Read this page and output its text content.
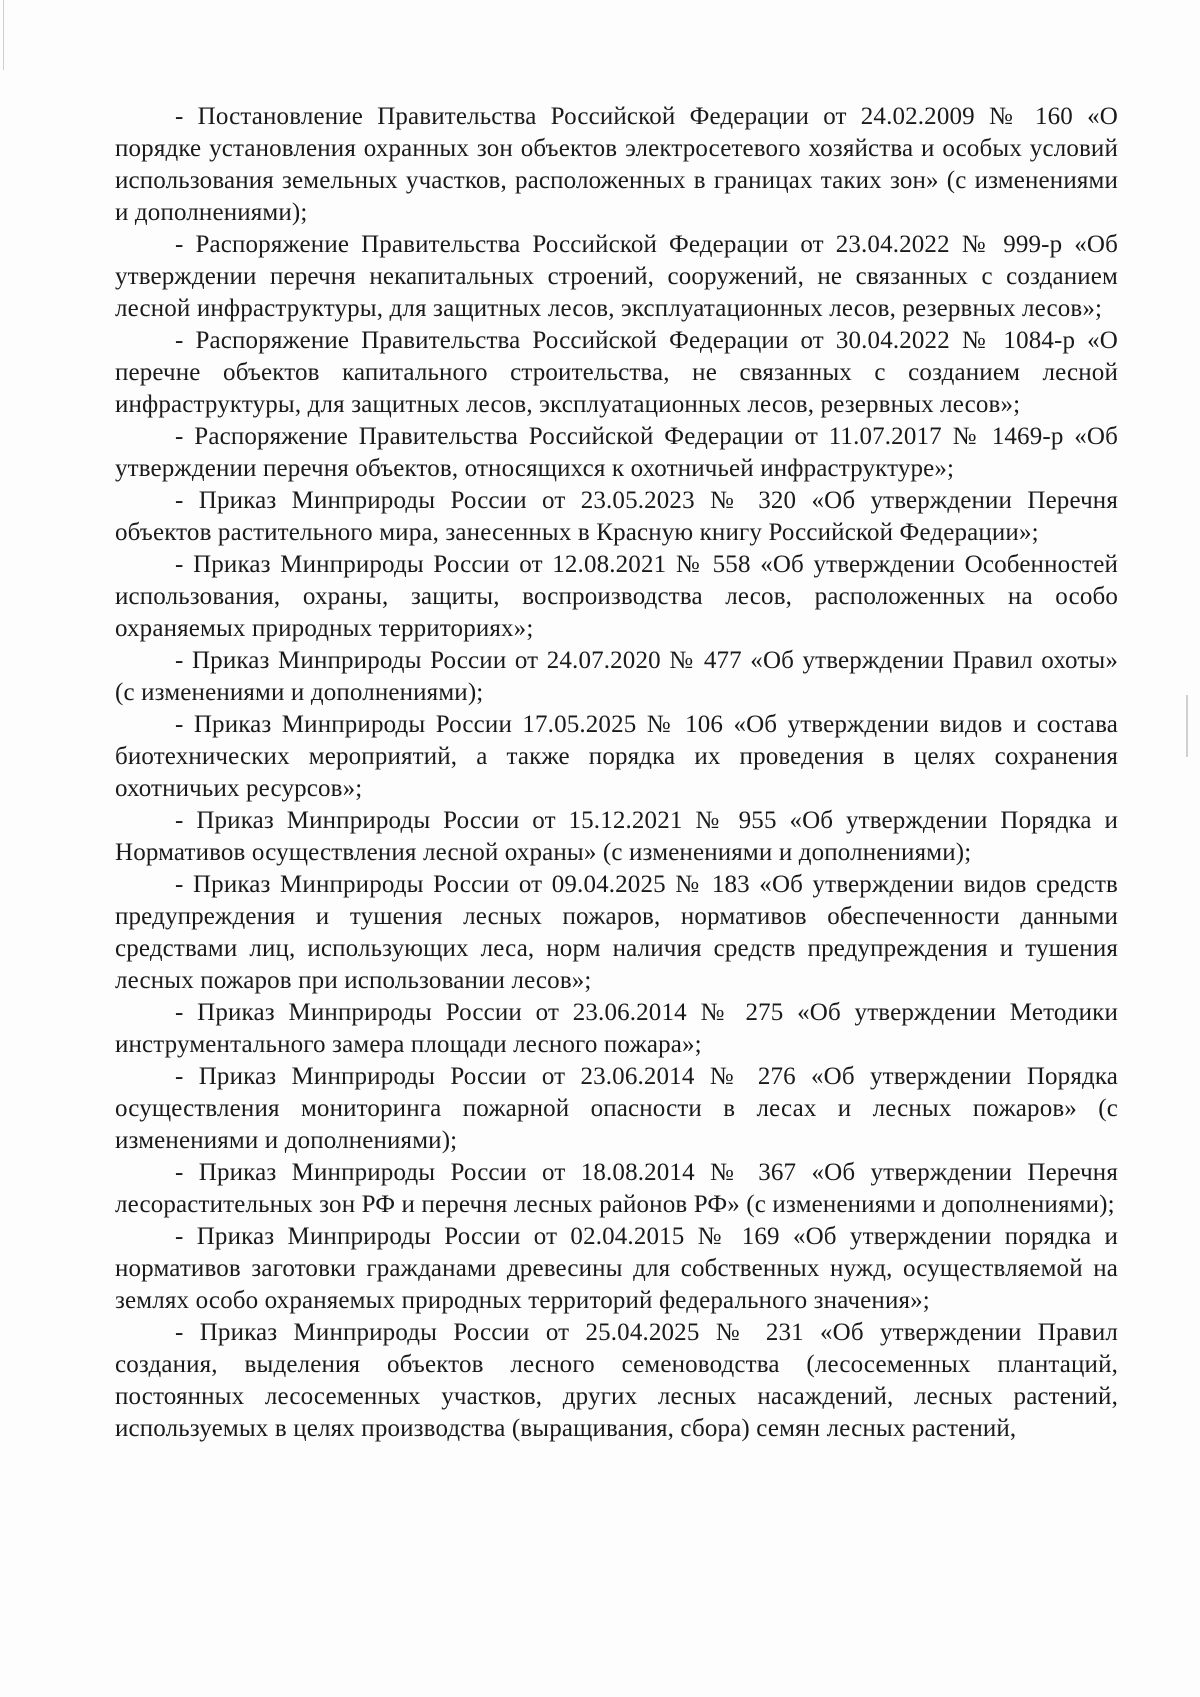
- Постановление Правительства Российской Федерации от 24.02.2009 № 160 «О порядке установления охранных зон объектов электросетевого хозяйства и особых условий использования земельных участков, расположенных в границах таких зон» (с изменениями и дополнениями);

- Распоряжение Правительства Российской Федерации от 23.04.2022 № 999-р «Об утверждении перечня некапитальных строений, сооружений, не связанных с созданием лесной инфраструктуры, для защитных лесов, эксплуатационных лесов, резервных лесов»;

- Распоряжение Правительства Российской Федерации от 30.04.2022 № 1084-р «О перечне объектов капитального строительства, не связанных с созданием лесной инфраструктуры, для защитных лесов, эксплуатационных лесов, резервных лесов»;

- Распоряжение Правительства Российской Федерации от 11.07.2017 № 1469-р «Об утверждении перечня объектов, относящихся к охотничьей инфраструктуре»;

- Приказ Минприроды России от 23.05.2023 № 320 «Об утверждении Перечня объектов растительного мира, занесенных в Красную книгу Российской Федерации»;

- Приказ Минприроды России от 12.08.2021 № 558 «Об утверждении Особенностей использования, охраны, защиты, воспроизводства лесов, расположенных на особо охраняемых природных территориях»;

- Приказ Минприроды России от 24.07.2020 № 477 «Об утверждении Правил охоты» (с изменениями и дополнениями);

- Приказ Минприроды России 17.05.2025 № 106 «Об утверждении видов и состава биотехнических мероприятий, а также порядка их проведения в целях сохранения охотничьих ресурсов»;

- Приказ Минприроды России от 15.12.2021 № 955 «Об утверждении Порядка и Нормативов осуществления лесной охраны» (с изменениями и дополнениями);

- Приказ Минприроды России от 09.04.2025 № 183 «Об утверждении видов средств предупреждения и тушения лесных пожаров, нормативов обеспеченности данными средствами лиц, использующих леса, норм наличия средств предупреждения и тушения лесных пожаров при использовании лесов»;

- Приказ Минприроды России от 23.06.2014 № 275 «Об утверждении Методики инструментального замера площади лесного пожара»;

- Приказ Минприроды России от 23.06.2014 № 276 «Об утверждении Порядка осуществления мониторинга пожарной опасности в лесах и лесных пожаров» (с изменениями и дополнениями);

- Приказ Минприроды России от 18.08.2014 № 367 «Об утверждении Перечня лесорастительных зон РФ и перечня лесных районов РФ» (с изменениями и дополнениями);

- Приказ Минприроды России от 02.04.2015 № 169 «Об утверждении порядка и нормативов заготовки гражданами древесины для собственных нужд, осуществляемой на землях особо охраняемых природных территорий федерального значения»;

- Приказ Минприроды России от 25.04.2025 № 231 «Об утверждении Правил создания, выделения объектов лесного семеноводства (лесосеменных плантаций, постоянных лесосеменных участков, других лесных насаждений, лесных растений, используемых в целях производства (выращивания, сбора) семян лесных растений,
